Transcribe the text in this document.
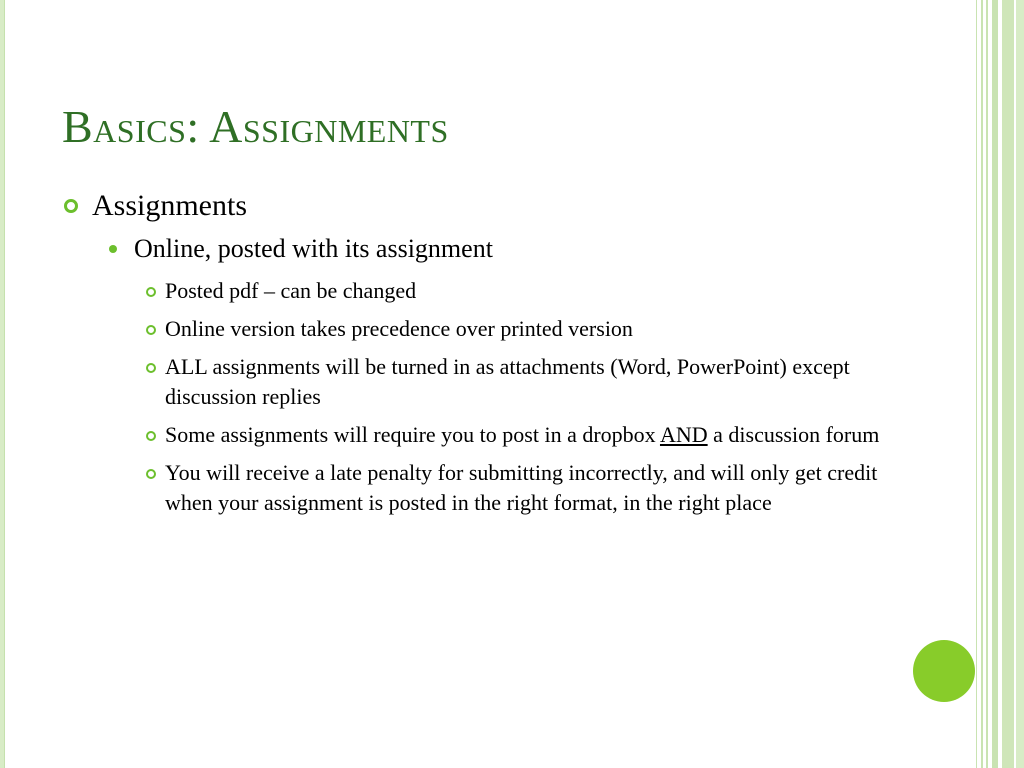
Basics: Assignments
Assignments
Online, posted with its assignment
Posted pdf – can be changed
Online version takes precedence over printed version
ALL assignments will be turned in as attachments (Word, PowerPoint) except discussion replies
Some assignments will require you to post in a dropbox AND a discussion forum
You will receive a late penalty for submitting incorrectly, and will only get credit when your assignment is posted in the right format, in the right place
